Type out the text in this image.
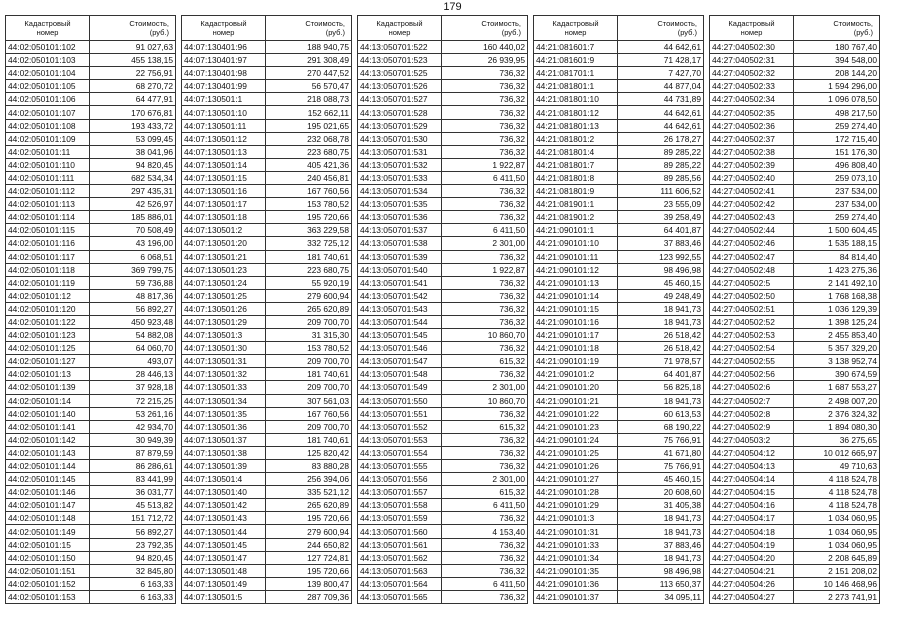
179
Кадастровый
номер	Стоимость,
(руб.)
44:02:050101:102	91 027,63
44:02:050101:103	455 138,15
44:02:050101:104	22 756,91
44:02:050101:105	68 270,72
44:02:050101:106	64 477,91
44:02:050101:107	170 676,81
44:02:050101:108	193 433,72
44:02:050101:109	53 099,45
44:02:050101:11	38 041,96
44:02:050101:110	94 820,45
44:02:050101:111	682 534,34
44:02:050101:112	297 435,31
44:02:050101:113	42 526,97
44:02:050101:114	185 886,01
44:02:050101:115	70 508,49
44:02:050101:116	43 196,00
44:02:050101:117	6 068,51
44:02:050101:118	369 799,75
44:02:050101:119	59 736,88
44:02:050101:12	48 817,36
44:02:050101:120	56 892,27
44:02:050101:122	450 923,48
44:02:050101:123	54 882,08
44:02:050101:125	64 060,70
44:02:050101:127	493,07
44:02:050101:13	28 446,13
44:02:050101:139	37 928,18
44:02:050101:14	72 215,25
44:02:050101:140	53 261,16
44:02:050101:141	42 934,70
44:02:050101:142	30 949,39
44:02:050101:143	87 879,59
44:02:050101:144	86 286,61
44:02:050101:145	83 441,99
44:02:050101:146	36 031,77
44:02:050101:147	45 513,82
44:02:050101:148	151 712,72
44:02:050101:149	56 892,27
44:02:050101:15	23 792,35
44:02:050101:150	94 820,45
44:02:050101:151	32 845,80
44:02:050101:152	6 163,33
44:02:050101:153	6 163,33
Кадастровый
номер	Стоимость,
(руб.)
44:07:130401:96	188 940,75
44:07:130401:97	291 308,49
44:07:130401:98	270 447,52
44:07:130401:99	56 570,47
44:07:130501:1	218 088,73
44:07:130501:10	152 662,11
44:07:130501:11	195 021,65
44:07:130501:12	232 068,78
44:07:130501:13	223 680,75
44:07:130501:14	405 421,36
44:07:130501:15	240 456,81
44:07:130501:16	167 760,56
44:07:130501:17	153 780,52
44:07:130501:18	195 720,66
44:07:130501:2	363 229,58
44:07:130501:20	332 725,12
44:07:130501:21	181 740,61
44:07:130501:23	223 680,75
44:07:130501:24	55 920,19
44:07:130501:25	279 600,94
44:07:130501:26	265 620,89
44:07:130501:29	209 700,70
44:07:130501:3	31 315,30
44:07:130501:30	153 780,52
44:07:130501:31	209 700,70
44:07:130501:32	181 740,61
44:07:130501:33	209 700,70
44:07:130501:34	307 561,03
44:07:130501:35	167 760,56
44:07:130501:36	209 700,70
44:07:130501:37	181 740,61
44:07:130501:38	125 820,42
44:07:130501:39	83 880,28
44:07:130501:4	256 394,06
44:07:130501:40	335 521,12
44:07:130501:42	265 620,89
44:07:130501:43	195 720,66
44:07:130501:44	279 600,94
44:07:130501:45	244 650,82
44:07:130501:47	127 724,81
44:07:130501:48	195 720,66
44:07:130501:49	139 800,47
44:07:130501:5	287 709,36
Кадастровый
номер	Стоимость,
(руб.)
44:13:050701:522	160 440,02
44:13:050701:523	26 939,95
44:13:050701:525	736,32
44:13:050701:526	736,32
44:13:050701:527	736,32
44:13:050701:528	736,32
44:13:050701:529	736,32
44:13:050701:530	736,32
44:13:050701:531	736,32
44:13:050701:532	1 922,87
44:13:050701:533	6 411,50
44:13:050701:534	736,32
44:13:050701:535	736,32
44:13:050701:536	736,32
44:13:050701:537	6 411,50
44:13:050701:538	2 301,00
44:13:050701:539	736,32
44:13:050701:540	1 922,87
44:13:050701:541	736,32
44:13:050701:542	736,32
44:13:050701:543	736,32
44:13:050701:544	736,32
44:13:050701:545	10 860,70
44:13:050701:546	736,32
44:13:050701:547	615,32
44:13:050701:548	736,32
44:13:050701:549	2 301,00
44:13:050701:550	10 860,70
44:13:050701:551	736,32
44:13:050701:552	615,32
44:13:050701:553	736,32
44:13:050701:554	736,32
44:13:050701:555	736,32
44:13:050701:556	2 301,00
44:13:050701:557	615,32
44:13:050701:558	6 411,50
44:13:050701:559	736,32
44:13:050701:560	4 153,40
44:13:050701:561	736,32
44:13:050701:562	736,32
44:13:050701:563	736,32
44:13:050701:564	6 411,50
44:13:050701:565	736,32
Кадастровый
номер	Стоимость,
(руб.)
44:21:081601:7	44 642,61
44:21:081601:9	71 428,17
44:21:081701:1	7 427,70
44:21:081801:1	44 877,04
44:21:081801:10	44 731,89
44:21:081801:12	44 642,61
44:21:081801:13	44 642,61
44:21:081801:2	26 178,27
44:21:081801:4	89 285,22
44:21:081801:7	89 285,22
44:21:081801:8	89 285,56
44:21:081801:9	111 606,52
44:21:081901:1	23 555,09
44:21:081901:2	39 258,49
44:21:090101:1	64 401,87
44:21:090101:10	37 883,46
44:21:090101:11	123 992,55
44:21:090101:12	98 496,98
44:21:090101:13	45 460,15
44:21:090101:14	49 248,49
44:21:090101:15	18 941,73
44:21:090101:16	18 941,73
44:21:090101:17	26 518,42
44:21:090101:18	26 518,42
44:21:090101:19	71 978,57
44:21:090101:2	64 401,87
44:21:090101:20	56 825,18
44:21:090101:21	18 941,73
44:21:090101:22	60 613,53
44:21:090101:23	68 190,22
44:21:090101:24	75 766,91
44:21:090101:25	41 671,80
44:21:090101:26	75 766,91
44:21:090101:27	45 460,15
44:21:090101:28	20 608,60
44:21:090101:29	31 405,38
44:21:090101:3	18 941,73
44:21:090101:31	18 941,73
44:21:090101:33	37 883,46
44:21:090101:34	18 941,73
44:21:090101:35	98 496,98
44:21:090101:36	113 650,37
44:21:090101:37	34 095,11
Кадастровый
номер	Стоимость,
(руб.)
44:27:040502:30	180 767,40
44:27:040502:31	394 548,00
44:27:040502:32	208 144,20
44:27:040502:33	1 594 296,00
44:27:040502:34	1 096 078,50
44:27:040502:35	498 217,50
44:27:040502:36	259 274,40
44:27:040502:37	172 715,40
44:27:040502:38	151 176,30
44:27:040502:39	496 808,40
44:27:040502:40	259 073,10
44:27:040502:41	237 534,00
44:27:040502:42	237 534,00
44:27:040502:43	259 274,40
44:27:040502:44	1 500 604,45
44:27:040502:46	1 535 188,15
44:27:040502:47	84 814,40
44:27:040502:48	1 423 275,36
44:27:040502:5	2 141 492,10
44:27:040502:50	1 768 168,38
44:27:040502:51	1 036 129,39
44:27:040502:52	1 398 125,24
44:27:040502:53	2 455 853,40
44:27:040502:54	5 357 329,20
44:27:040502:55	3 138 952,74
44:27:040502:56	390 674,59
44:27:040502:6	1 687 553,27
44:27:040502:7	2 498 007,20
44:27:040502:8	2 376 324,32
44:27:040502:9	1 894 080,30
44:27:040503:2	36 275,65
44:27:040504:12	10 012 665,97
44:27:040504:13	49 710,63
44:27:040504:14	4 118 524,78
44:27:040504:15	4 118 524,78
44:27:040504:16	4 118 524,78
44:27:040504:17	1 034 060,95
44:27:040504:18	1 034 060,95
44:27:040504:19	1 034 060,95
44:27:040504:20	2 208 645,89
44:27:040504:21	2 151 208,02
44:27:040504:26	10 146 468,96
44:27:040504:27	2 273 741,91
